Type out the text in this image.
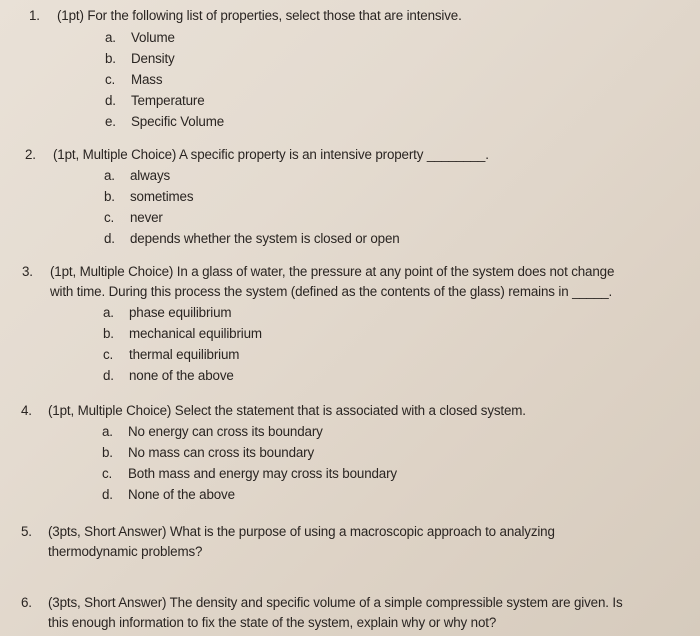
1.	(1pt) For the following list of properties, select those that are intensive.
a. Volume
b. Density
c. Mass
d. Temperature
e. Specific Volume
2.	(1pt, Multiple Choice) A specific property is an intensive property ________.
a. always
b. sometimes
c. never
d. depends whether the system is closed or open
3.	(1pt, Multiple Choice) In a glass of water, the pressure at any point of the system does not change
with time. During this process the system (defined as the contents of the glass) remains in _____.
a. phase equilibrium
b. mechanical equilibrium
c. thermal equilibrium
d. none of the above
4.	(1pt, Multiple Choice) Select the statement that is associated with a closed system.
a. No energy can cross its boundary
b. No mass can cross its boundary
c. Both mass and energy may cross its boundary
d. None of the above
5.	(3pts, Short Answer) What is the purpose of using a macroscopic approach to analyzing
thermodynamic problems?
6.	(3pts, Short Answer) The density and specific volume of a simple compressible system are given. Is
this enough information to fix the state of the system, explain why or why not?
